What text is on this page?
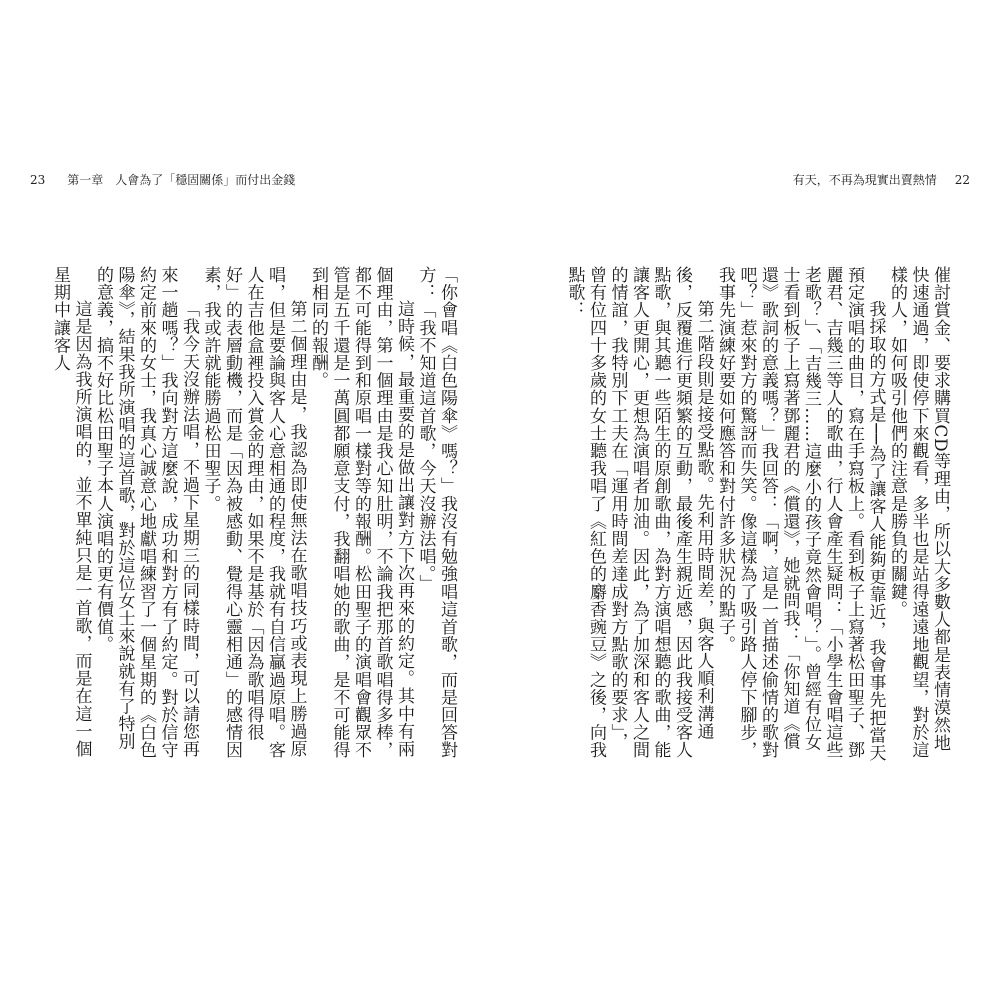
23 第一章　人會為了「穩固關係」而付出金錢	有天，不再為現實出賣熱情 22

催討賞金、要求購買CD等理由，所以大多數人都是表情漠然地快速通過，即使停下來觀看，多半也是站得遠遠地觀望，對於這樣的人，如何吸引他們的注意是勝負的關鍵。

我採取的方式是──為了讓客人能夠更靠近，我會事先把當天預定演唱的曲目，寫在手寫板上。看到板子上寫著松田聖子、鄧麗君、吉幾三等人的歌曲，行人會產生疑問：「小學生會唱這些老歌？」、「吉幾三……這麼小的孩子竟然會唱？」。曾經有位女士看到板子上寫著鄧麗君的《償還》，她就問我：「你知道《償還》歌詞的意義嗎？」我回答：「啊，這是一首描述偷情的歌對吧？」惹來對方的驚訝而失笑。像這樣為了吸引路人停下腳步，我事先演練好要如何應答和對付許多狀況的點子。

第二階段則是接受點歌。先利用時間差，與客人順利溝通後，反覆進行更頻繁的互動，最後產生親近感，因此我接受客人點歌，與其聽一些陌生的原創歌曲，為對方演唱想聽的歌曲，能讓客人更開心，更想為演唱者加油。因此，為了加深和客人之間的情誼，我特別下工夫在「運用時間差達成對方點歌的要求」，曾有位四十多歲的女士聽我唱了《紅色的麝香豌豆》之後，向我點歌：

「你會唱《白色陽傘》嗎？」我沒有勉強唱這首歌，而是回答對方：「我不知道這首歌，今天沒辦法唱。」

這時候，最重要的是做出讓對方下次再來的約定。其中有兩個理由，第一個理由是我心知肚明，不論我把那首歌唱得多棒，都不可能得到和原唱一樣對等的報酬。松田聖子的演唱會觀眾不管是五千還是一萬圓都願意支付，我翻唱她的歌曲，是不可能得到相同的報酬。

第二個理由是，我認為即使無法在歌唱技巧或表現上勝過原唱，但是要論與客人心意相通的程度，我就有自信贏過原唱。客人在吉他盒裡投入賞金的理由，如果不是基於「因為歌唱得很好」的表層動機，而是「因為被感動、覺得心靈相通」的感情因素，我或許就能勝過松田聖子。

「我今天沒辦法唱，不過下星期三的同樣時間，可以請您再來一趟嗎？」我向對方這麼說，成功和對方有了約定。對於信守約定前來的女士，我真心誠意心地獻唱練習了一個星期的《白色陽傘》，結果我所演唱的這首歌，對於這位女士來說就有了特別的意義，搞不好比松田聖子本人演唱的更有價值。

這是因為我所演唱的，並不單純只是一首歌，而是在這一個星期中讓客人
